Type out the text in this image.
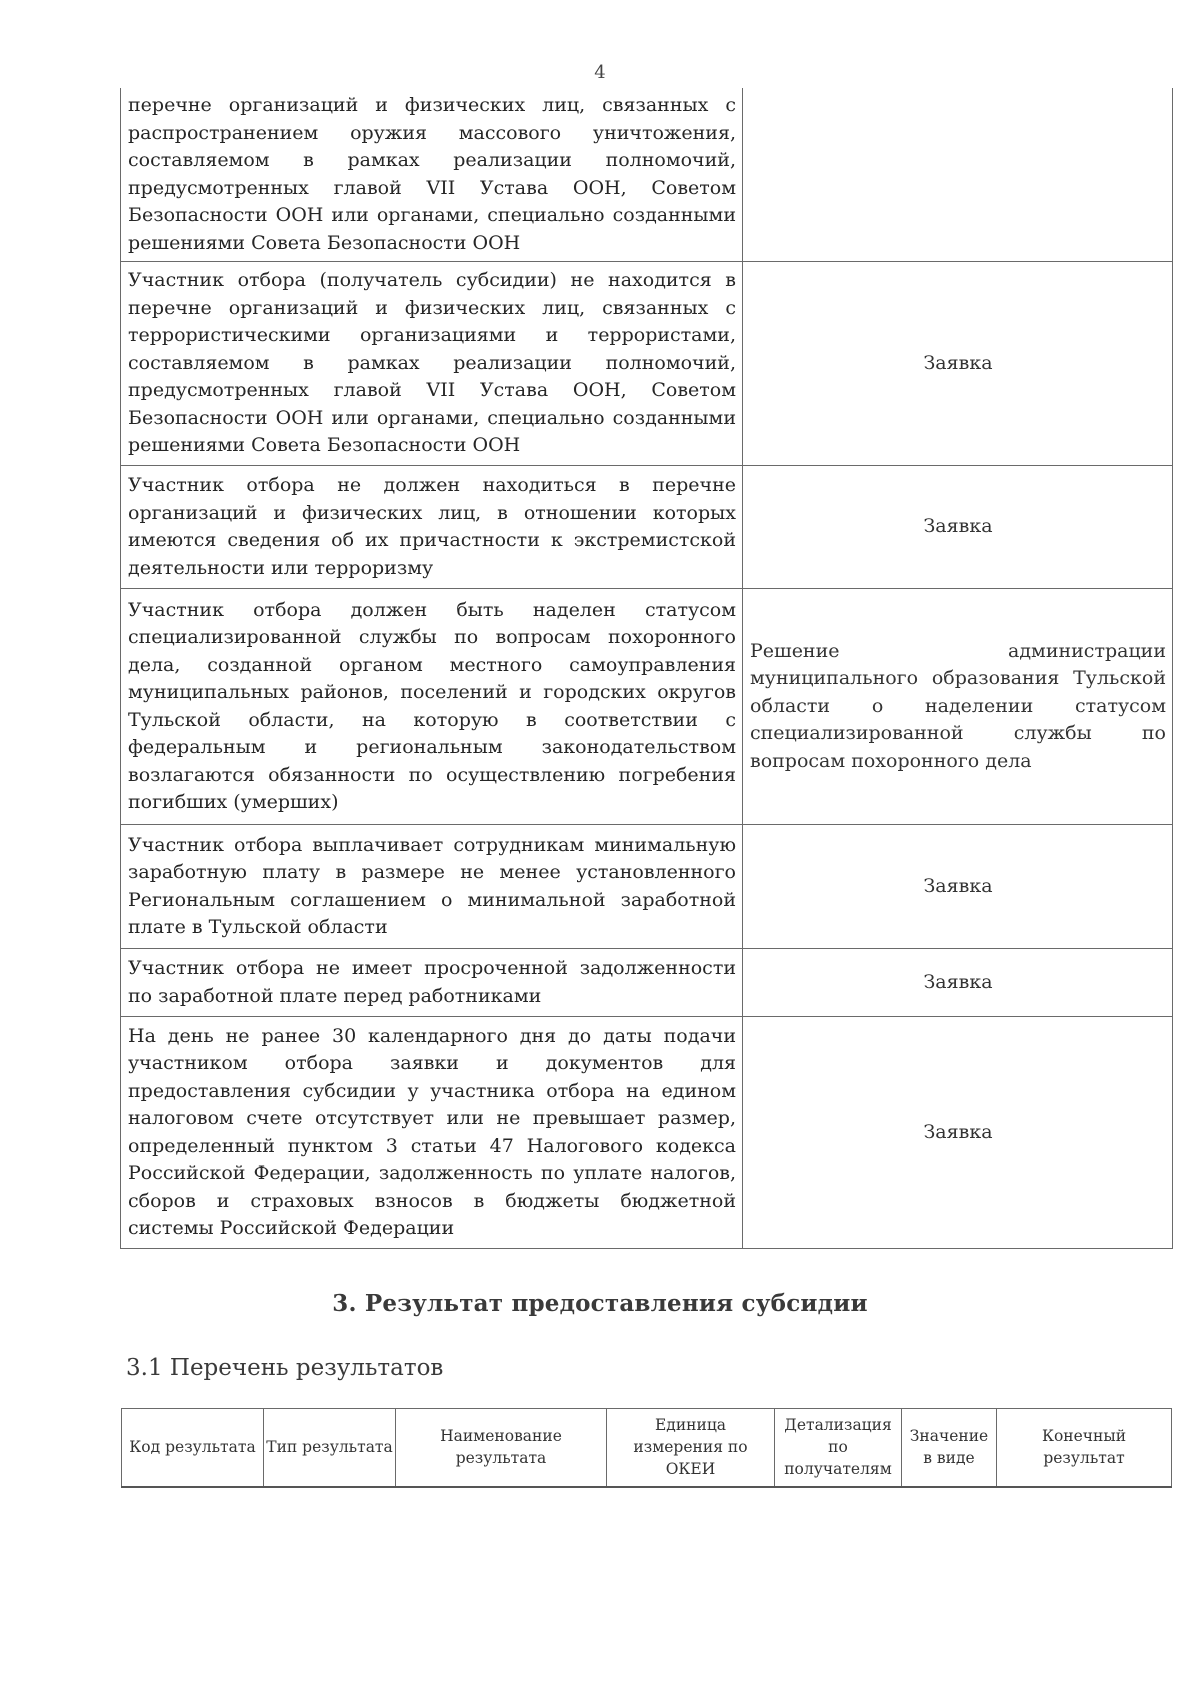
4
перечне организаций и физических лиц, связанных с распространением оружия массового уничтожения, составляемом в рамках реализации полномочий, предусмотренных главой VII Устава ООН, Советом Безопасности ООН или органами, специально созданными решениями Совета Безопасности ООН	
Участник отбора (получатель субсидии) не находится в перечне организаций и физических лиц, связанных с террористическими организациями и террористами, составляемом в рамках реализации полномочий, предусмотренных главой VII Устава ООН, Советом Безопасности ООН или органами, специально созданными решениями Совета Безопасности ООН	Заявка
Участник отбора не должен находиться в перечне организаций и физических лиц, в отношении которых имеются сведения об их причастности к экстремистской деятельности или терроризму	Заявка
Участник отбора должен быть наделен статусом специализированной службы по вопросам похоронного дела, созданной органом местного самоуправления муниципальных районов, поселений и городских округов Тульской области, на которую в соответствии с федеральным и региональным законодательством возлагаются обязанности по осуществлению погребения погибших (умерших)	Решение администрации муниципального образования Тульской области о наделении статусом специализированной службы по вопросам похоронного дела
Участник отбора выплачивает сотрудникам минимальную заработную плату в размере не менее установленного Региональным соглашением о минимальной заработной плате в Тульской области	Заявка
Участник отбора не имеет просроченной задолженности по заработной плате перед работниками	Заявка
На день не ранее 30 календарного дня до даты подачи участником отбора заявки и документов для предоставления субсидии у участника отбора на едином налоговом счете отсутствует или не превышает размер, определенный пунктом 3 статьи 47 Налогового кодекса Российской Федерации, задолженность по уплате налогов, сборов и страховых взносов в бюджеты бюджетной системы Российской Федерации	Заявка
3. Результат предоставления субсидии
3.1 Перечень результатов
Код результата	Тип результата	Наименование результата	Единица измерения по ОКЕИ	Детализация по получателям	Значение в виде	Конечный результат
